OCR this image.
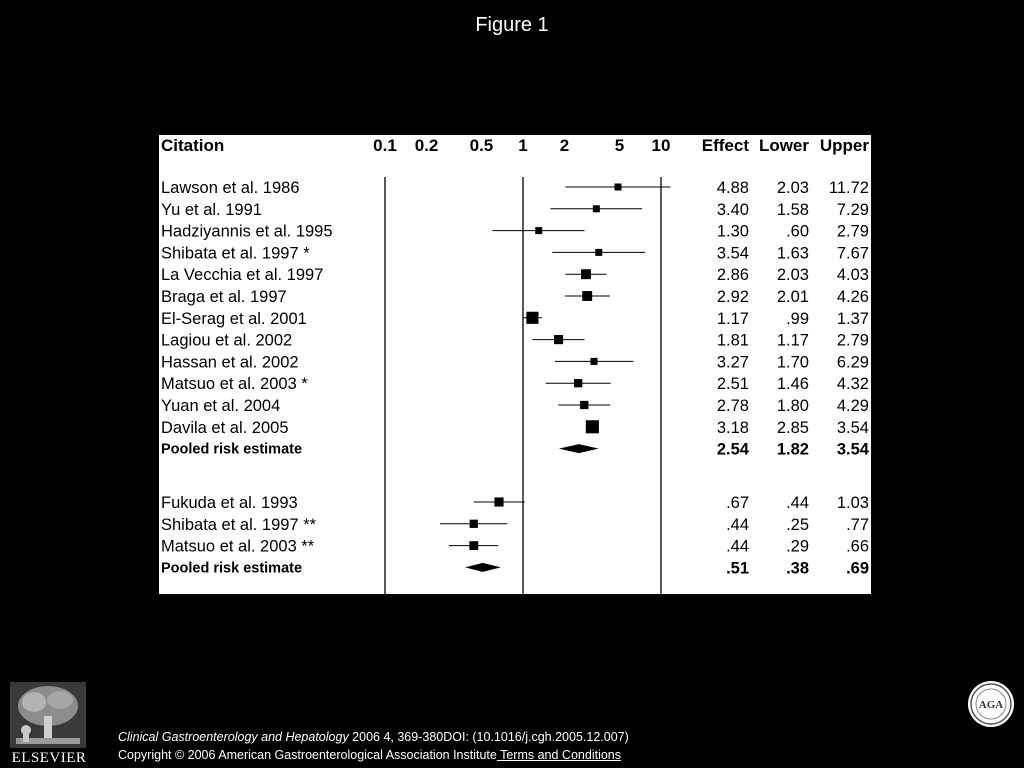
Figure 1
Citation	0.1 0.2 0.5 1 2	5 10 Effect Lower Upper
Lawson et al. 1986	4.88 2.03 11.72
Yu et al. 1991	3.40 1.58 7.29
Hadziyannis et al. 1995	1.30 .60 2.79
Shibata et al. 1997 *	3.54 1.63 7.67
La Vecchia et al. 1997	2.86 2.03 4.03
Braga et al. 1997	2.92 2.01 4.26
El-Serag et al. 2001	1.17 .99 1.37
Lagiou et al. 2002	1.81 1.17 2.79
Hassan et al. 2002	3.27 1.70 6.29
Matsuo et al. 2003 *	2.51 1.46 4.32
Yuan et al. 2004	2.78 1.80 4.29
Davila et al. 2005	3.18 2.85 3.54
Pooled risk estimate	2.54 1.82 3.54
Fukuda et al. 1993	.67 .44 1.03
Shibata et al. 1997 **	.44 .25 .77
Matsuo et al. 2003 **	.44 .29 .66
Pooled risk estimate	.51 .38 .69
ELSEVIER
Clinical Gastroenterology and Hepatology 2006 4, 369-380DOI: (10.1016/j.cgh.2005.12.007)
Copyright © 2006 American Gastroenterological Association Institute Terms and Conditions
AGA
